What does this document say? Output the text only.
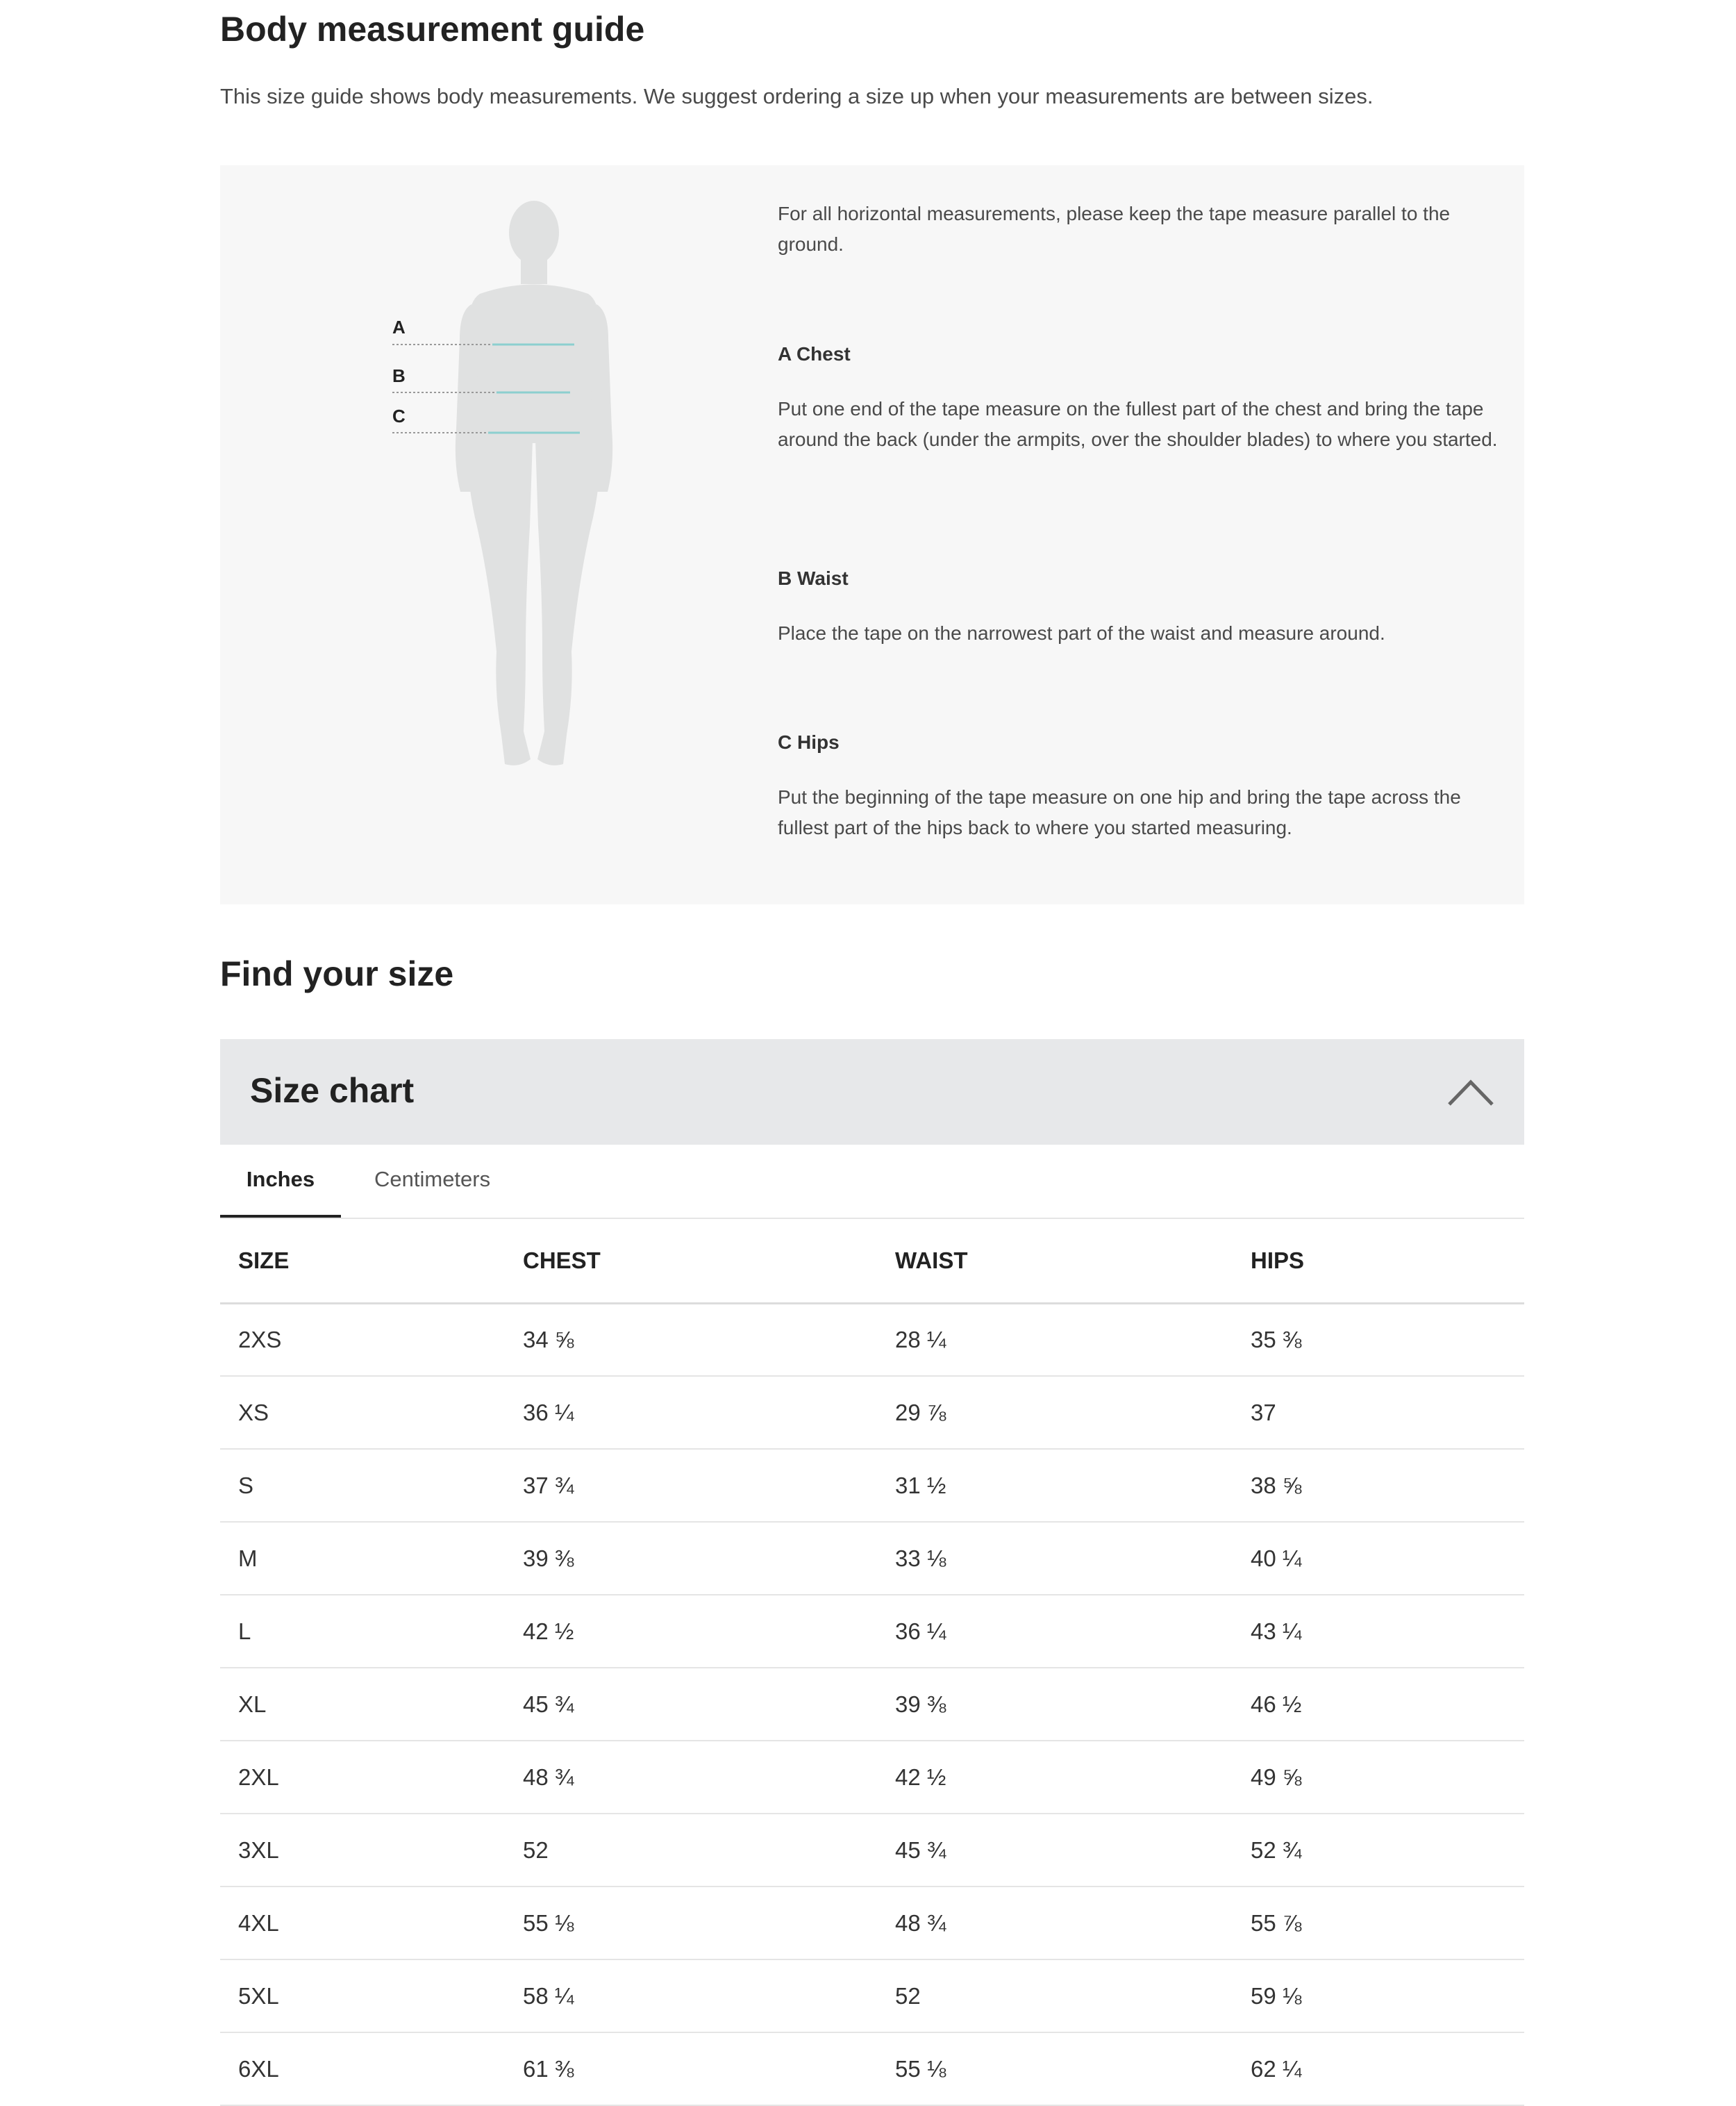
Body measurement guide

This size guide shows body measurements. We suggest ordering a size up when your measurements are between sizes.

A
B
C

For all horizontal measurements, please keep the tape measure parallel to the ground.

A Chest

Put one end of the tape measure on the fullest part of the chest and bring the tape around the back (under the armpits, over the shoulder blades) to where you started.

B Waist

Place the tape on the narrowest part of the waist and measure around.

C Hips

Put the beginning of the tape measure on one hip and bring the tape across the fullest part of the hips back to where you started measuring.

Find your size
Size chart
Inches	Centimeters
SIZE	CHEST	WAIST	HIPS
2XS	34 ⅝	28 ¼	35 ⅜
XS	36 ¼	29 ⅞	37
S	37 ¾	31 ½	38 ⅝
M	39 ⅜	33 ⅛	40 ¼
L	42 ½	36 ¼	43 ¼
XL	45 ¾	39 ⅜	46 ½
2XL	48 ¾	42 ½	49 ⅝
3XL	52	45 ¾	52 ¾
4XL	55 ⅛	48 ¾	55 ⅞
5XL	58 ¼	52	59 ⅛
6XL	61 ⅜	55 ⅛	62 ¼
